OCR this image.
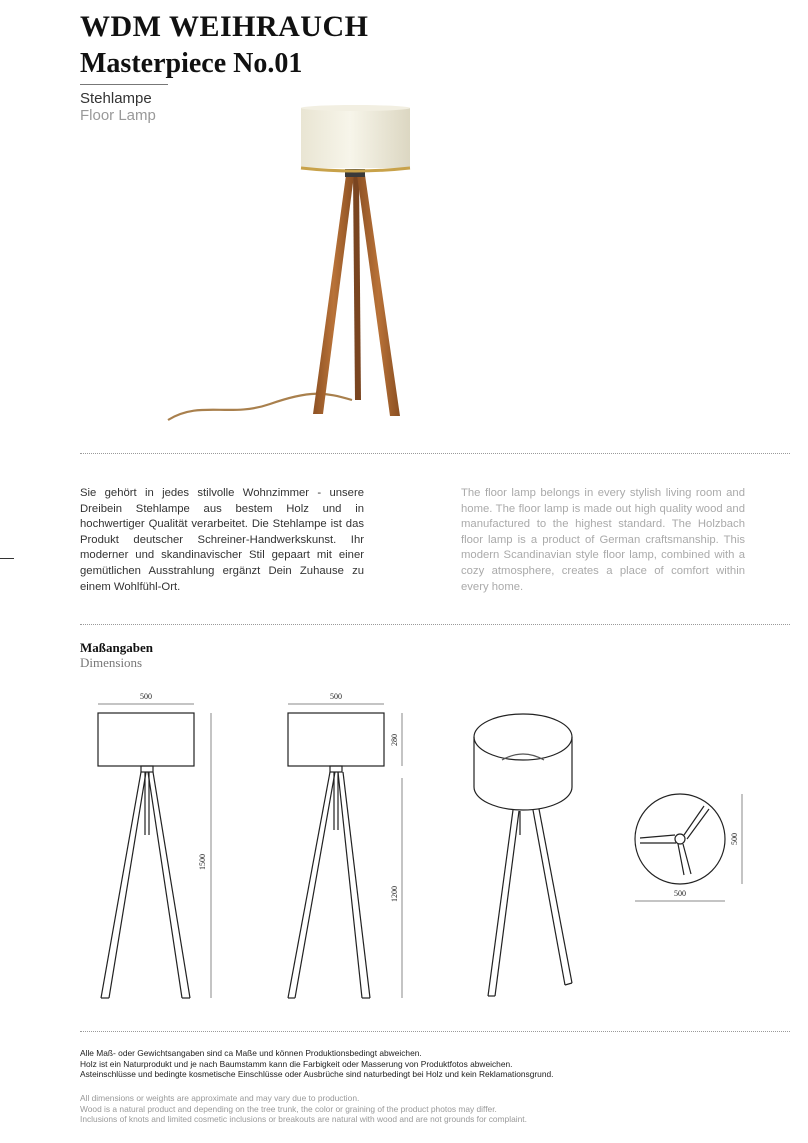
WDM WEIHRAUCH
Masterpiece No.01
Stehlampe
Floor Lamp
Sie gehört in jedes stilvolle Wohnzimmer - unsere Dreibein Stehlampe aus bestem Holz und in hochwertiger Qualität verarbeitet. Die Stehlampe ist das Produkt deutscher Schreiner-Handwerkskunst. Ihr moderner und skandinavischer Stil gepaart mit einer gemütlichen Ausstrahlung ergänzt Dein Zuhause zu einem Wohlfühl-Ort.
The floor lamp belongs in every stylish living room and home. The floor lamp is made out high quality wood and manufactured to the highest standard. The Holzbach floor lamp is a product of German craftsmanship. This modern Scandinavian style floor lamp, combined with a cozy atmosphere, creates a place of comfort within every home.
Maßangaben
Dimensions
500
1500
500
280
1200	500
500
Alle Maß- oder Gewichtsangaben sind ca Maße und können Produktionsbedingt abweichen.
Holz ist ein Naturprodukt und je nach Baumstamm kann die Farbigkeit oder Masserung von Produktfotos abweichen.
Asteinschlüsse und bedingte kosmetische Einschlüsse oder Ausbrüche sind naturbedingt bei Holz und kein Reklamationsgrund.
All dimensions or weights are approximate and may vary due to production.
Wood is a natural product and depending on the tree trunk, the color or graining of the product photos may differ.
Inclusions of knots and limited cosmetic inclusions or breakouts are natural with wood and are not grounds for complaint.
